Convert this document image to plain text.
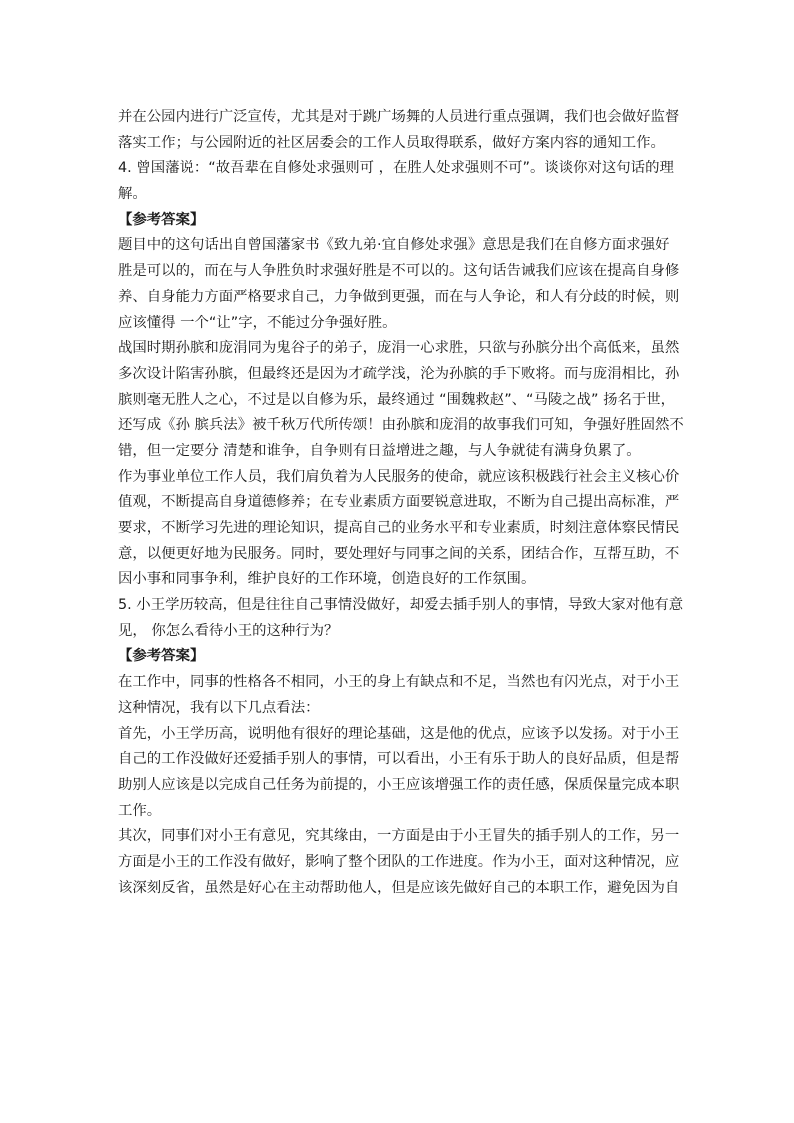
并在公园内进行广泛宣传，尤其是对于跳广场舞的人员进行重点强调，我们也会做好监督
落实工作；与公园附近的社区居委会的工作人员取得联系，做好方案内容的通知工作。
4. 曾国藩说：“故吾辈在自修处求强则可 ，在胜人处求强则不可”。谈谈你对这句话的理
解。
【参考答案】
题目中的这句话出自曾国藩家书《致九弟·宜自修处求强》意思是我们在自修方面求强好
胜是可以的，而在与人争胜负时求强好胜是不可以的。这句话告诫我们应该在提高自身修
养、自身能力方面严格要求自己，力争做到更强，而在与人争论，和人有分歧的时候，则
应该懂得 一个“让”字，不能过分争强好胜。
战国时期孙膑和庞涓同为鬼谷子的弟子，庞涓一心求胜，只欲与孙膑分出个高低来，虽然
多次设计陷害孙膑，但最终还是因为才疏学浅，沦为孙膑的手下败将。而与庞涓相比，孙
膑则毫无胜人之心，不过是以自修为乐，最终通过 “围魏救赵”、“马陵之战” 扬名于世，
还写成《孙 膑兵法》被千秋万代所传颂！由孙膑和庞涓的故事我们可知，争强好胜固然不
错，但一定要分 清楚和谁争，自争则有日益增进之趣，与人争就徒有满身负累了。
作为事业单位工作人员，我们肩负着为人民服务的使命，就应该积极践行社会主义核心价
值观，不断提高自身道德修养；在专业素质方面要锐意进取，不断为自己提出高标准，严
要求，不断学习先进的理论知识，提高自己的业务水平和专业素质，时刻注意体察民情民
意，以便更好地为民服务。同时，要处理好与同事之间的关系，团结合作，互帮互助，不
因小事和同事争利，维护良好的工作环境，创造良好的工作氛围。
5. 小王学历较高，但是往往自己事情没做好，却爱去插手别人的事情，导致大家对他有意
见， 你怎么看待小王的这种行为？
【参考答案】
在工作中，同事的性格各不相同，小王的身上有缺点和不足，当然也有闪光点，对于小王
这种情况，我有以下几点看法：
首先，小王学历高，说明他有很好的理论基础，这是他的优点，应该予以发扬。对于小王
自己的工作没做好还爱插手别人的事情，可以看出，小王有乐于助人的良好品质，但是帮
助别人应该是以完成自己任务为前提的，小王应该增强工作的责任感，保质保量完成本职
工作。
其次，同事们对小王有意见，究其缘由，一方面是由于小王冒失的插手别人的工作，另一
方面是小王的工作没有做好，影响了整个团队的工作进度。作为小王，面对这种情况，应
该深刻反省，虽然是好心在主动帮助他人，但是应该先做好自己的本职工作，避免因为自
